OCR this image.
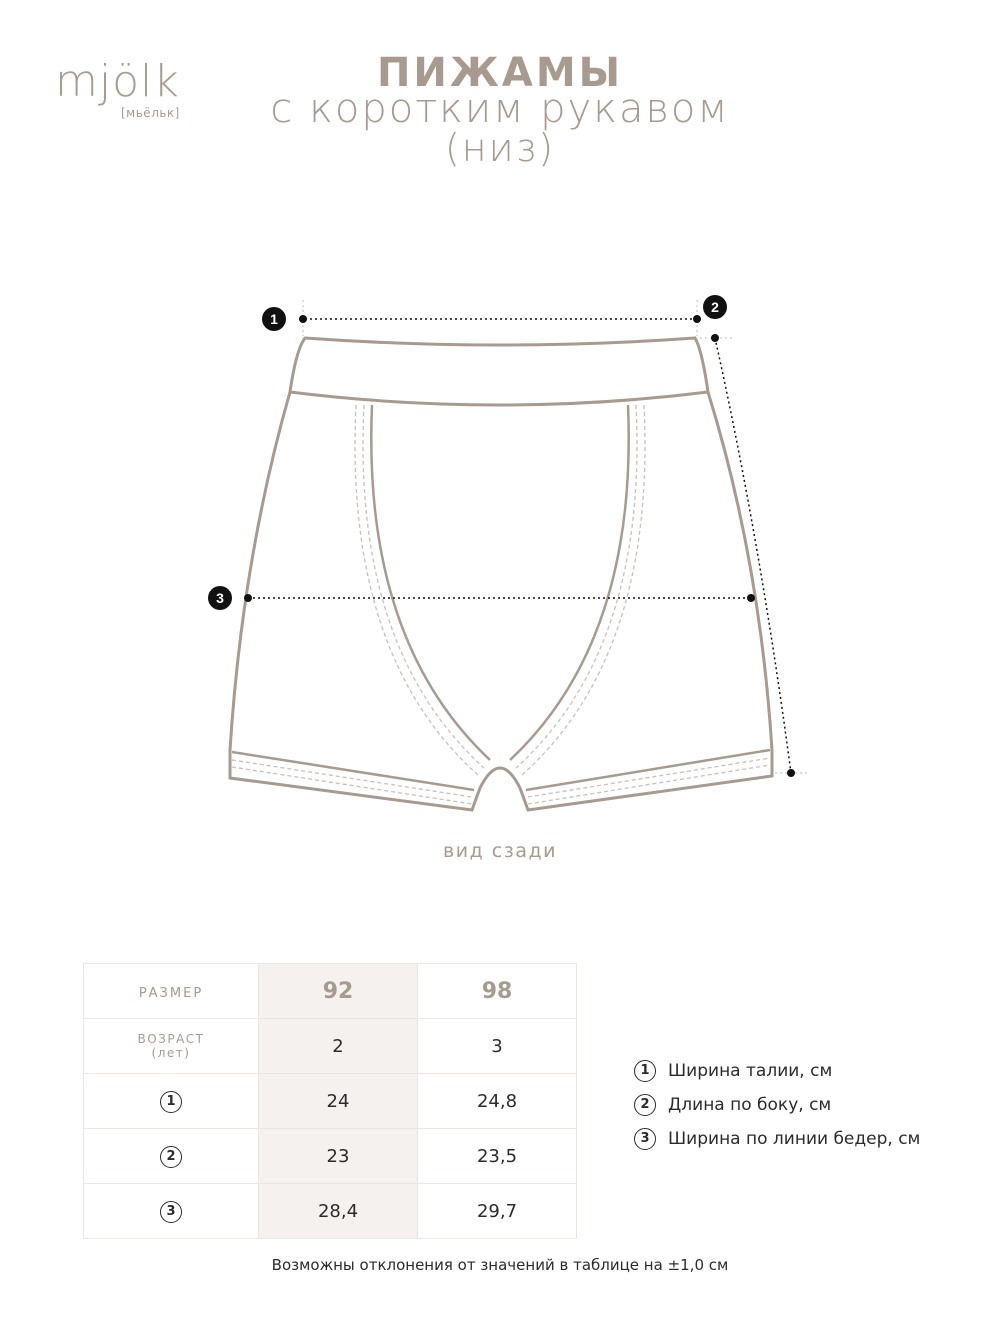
mjölk
[мьёльк]
ПИЖАМЫ
с коротким рукавом
(низ)
1
2
3
вид сзади
РАЗМЕР	92	98

ВОЗРАСТ
(лет)	2	3
1	24	24,8
2	23	23,5
3	28,4	29,7
1	Ширина талии, см
2	Длина по боку, см
3	Ширина по линии бедер, см
Возможны отклонения от значений в таблице на ±1,0 см
